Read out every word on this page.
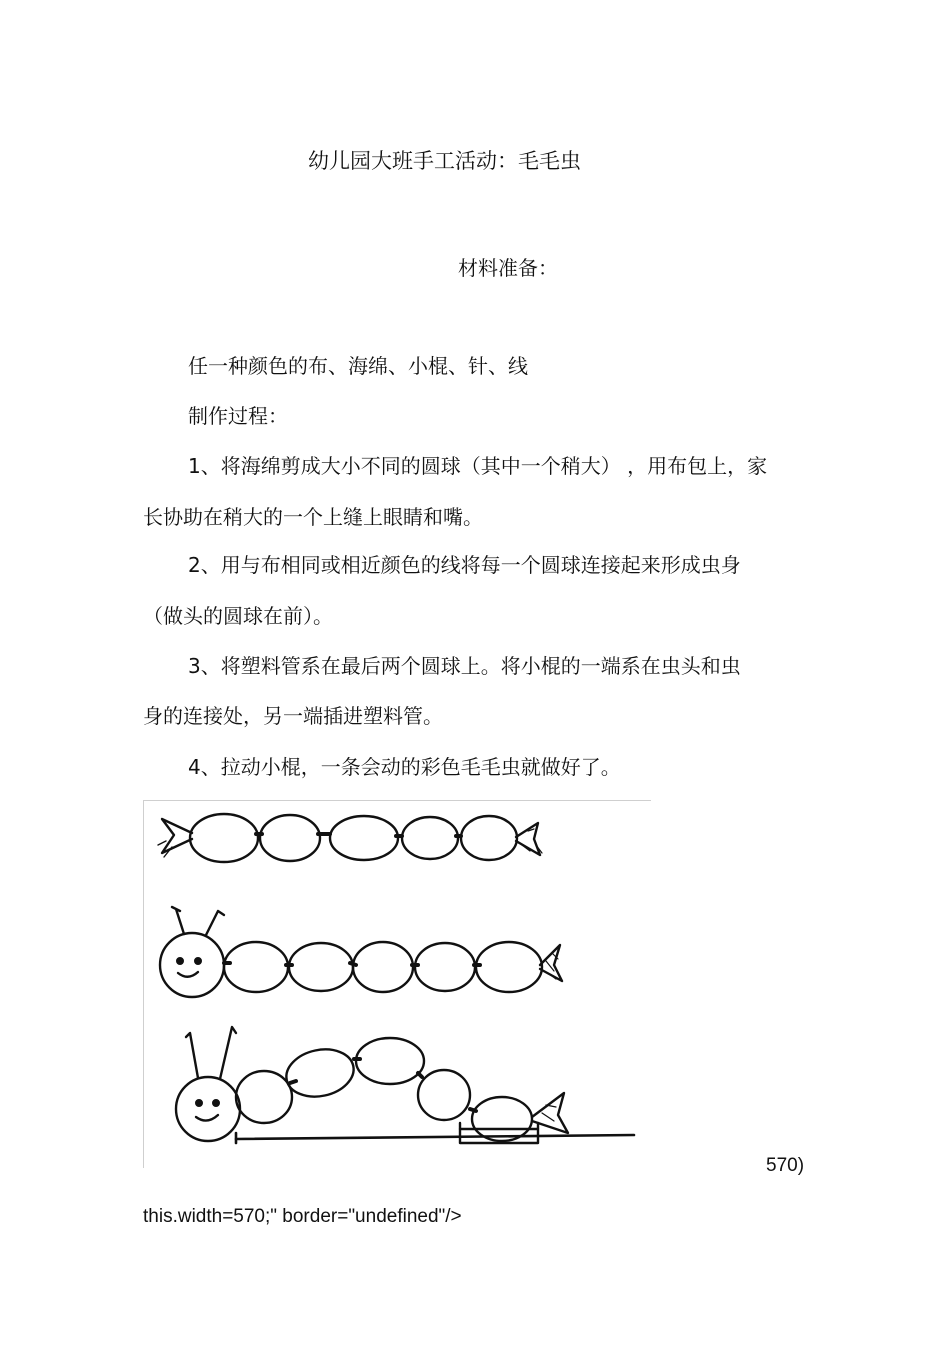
幼儿园大班手工活动：毛毛虫
材料准备：
任一种颜色的布、海绵、小棍、针、线
制作过程：
1、将海绵剪成大小不同的圆球（其中一个稍大） ，用布包上，家
长协助在稍大的一个上缝上眼睛和嘴。
2、用与布相同或相近颜色的线将每一个圆球连接起来形成虫身
（做头的圆球在前）。
3、将塑料管系在最后两个圆球上。将小棍的一端系在虫头和虫
身的连接处，另一端插进塑料管。
4、拉动小棍，一条会动的彩色毛毛虫就做好了。
570)
this.width=570;" border="undefined"/>
